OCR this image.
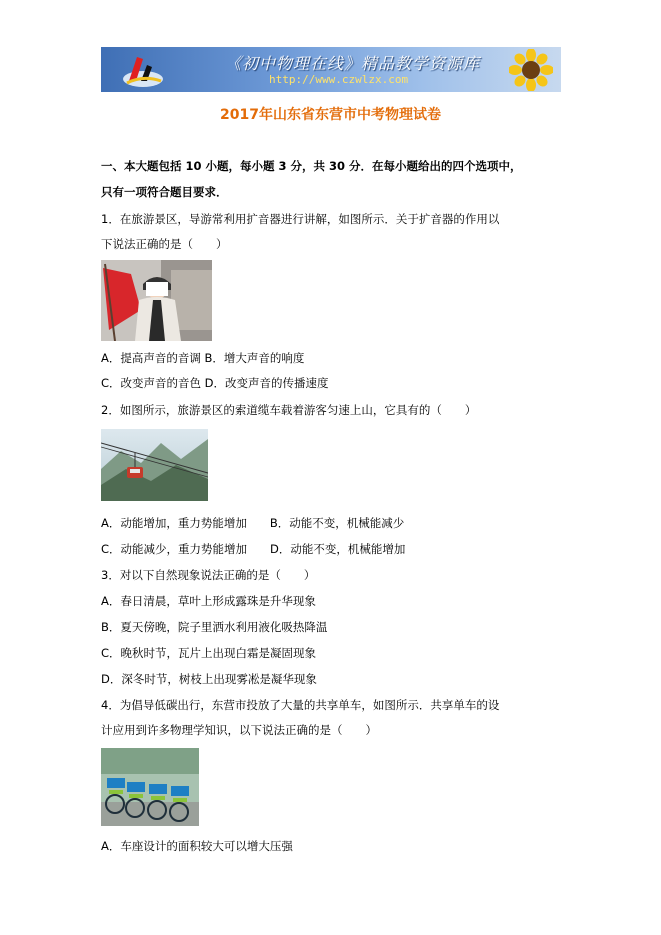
《初中物理在线》精品教学资源库
http://www.czwlzx.com
2017年山东省东营市中考物理试卷
一、本大题包括 10 小题，每小题 3 分，共 30 分．在每小题给出的四个选项中，
只有一项符合题目要求．
1．在旅游景区，导游常利用扩音器进行讲解，如图所示．关于扩音器的作用以
下说法正确的是（　　）
A．提高声音的音调 B．增大声音的响度
C．改变声音的音色 D．改变声音的传播速度
2．如图所示，旅游景区的索道缆车载着游客匀速上山，它具有的（　　）
A．动能增加，重力势能增加　　B．动能不变，机械能减少
C．动能减少，重力势能增加　　D．动能不变，机械能增加
3．对以下自然现象说法正确的是（　　）
A．春日清晨，草叶上形成露珠是升华现象
B．夏天傍晚，院子里洒水利用液化吸热降温
C．晚秋时节，瓦片上出现白霜是凝固现象
D．深冬时节，树枝上出现雾凇是凝华现象
4．为倡导低碳出行，东营市投放了大量的共享单车，如图所示．共享单车的设
计应用到许多物理学知识，以下说法正确的是（　　）
A．车座设计的面积较大可以增大压强
